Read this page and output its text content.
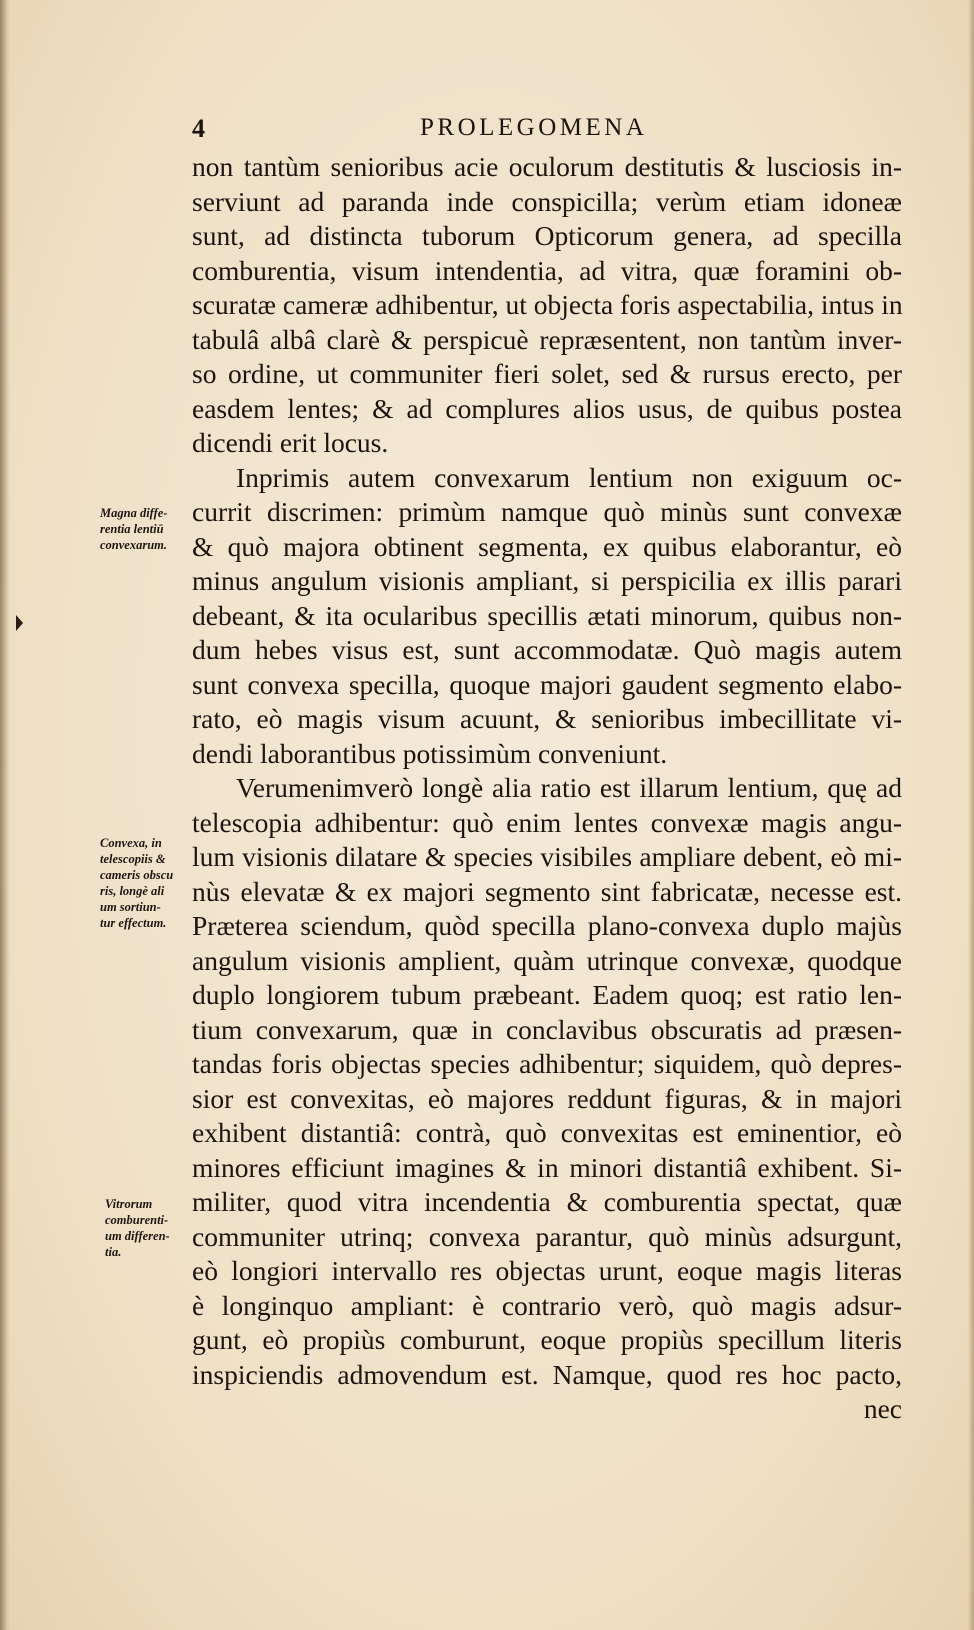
4	PROLEGOMENA
Magna diffe-
rentia lentiū
convexarum.
Convexa, in
telescopiis &
cameris obscu
ris, longè ali
um sortiun-
tur effectum.
Vitrorum
comburenti-
um differen-
tia.
non tantùm senioribus acie oculorum destitutis & lusciosis in-
serviunt ad paranda inde conspicilla; verùm etiam idoneæ
sunt, ad distincta tuborum Opticorum genera, ad specilla
comburentia, visum intendentia, ad vitra, quæ foramini ob-
scuratæ cameræ adhibentur, ut objecta foris aspectabilia, intus in
tabulâ albâ clarè & perspicuè repræsentent, non tantùm inver-
so ordine, ut communiter fieri solet, sed & rursus erecto, per
easdem lentes; & ad complures alios usus, de quibus postea
dicendi erit locus.
Inprimis autem convexarum lentium non exiguum oc-
currit discrimen: primùm namque quò minùs sunt convexæ
& quò majora obtinent segmenta, ex quibus elaborantur, eò
minus angulum visionis ampliant, si perspicilia ex illis parari
debeant, & ita ocularibus specillis ætati minorum, quibus non-
dum hebes visus est, sunt accommodatæ. Quò magis autem
sunt convexa specilla, quoque majori gaudent segmento elabo-
rato, eò magis visum acuunt, & senioribus imbecillitate vi-
dendi laborantibus potissimùm conveniunt.
Verumenimverò longè alia ratio est illarum lentium, quę ad
telescopia adhibentur: quò enim lentes convexæ magis angu-
lum visionis dilatare & species visibiles ampliare debent, eò mi-
nùs elevatæ & ex majori segmento sint fabricatæ, necesse est.
Præterea sciendum, quòd specilla plano-convexa duplo majùs
angulum visionis amplient, quàm utrinque convexæ, quodque
duplo longiorem tubum præbeant. Eadem quoq; est ratio len-
tium convexarum, quæ in conclavibus obscuratis ad præsen-
tandas foris objectas species adhibentur; siquidem, quò depres-
sior est convexitas, eò majores reddunt figuras, & in majori
exhibent distantiâ: contrà, quò convexitas est eminentior, eò
minores efficiunt imagines & in minori distantiâ exhibent. Si-
militer, quod vitra incendentia & comburentia spectat, quæ
communiter utrinq; convexa parantur, quò minùs adsurgunt,
eò longiori intervallo res objectas urunt, eoque magis literas
è longinquo ampliant: è contrario verò, quò magis adsur-
gunt, eò propiùs comburunt, eoque propiùs specillum literis
inspiciendis admovendum est. Namque, quod res hoc pacto,
nec
